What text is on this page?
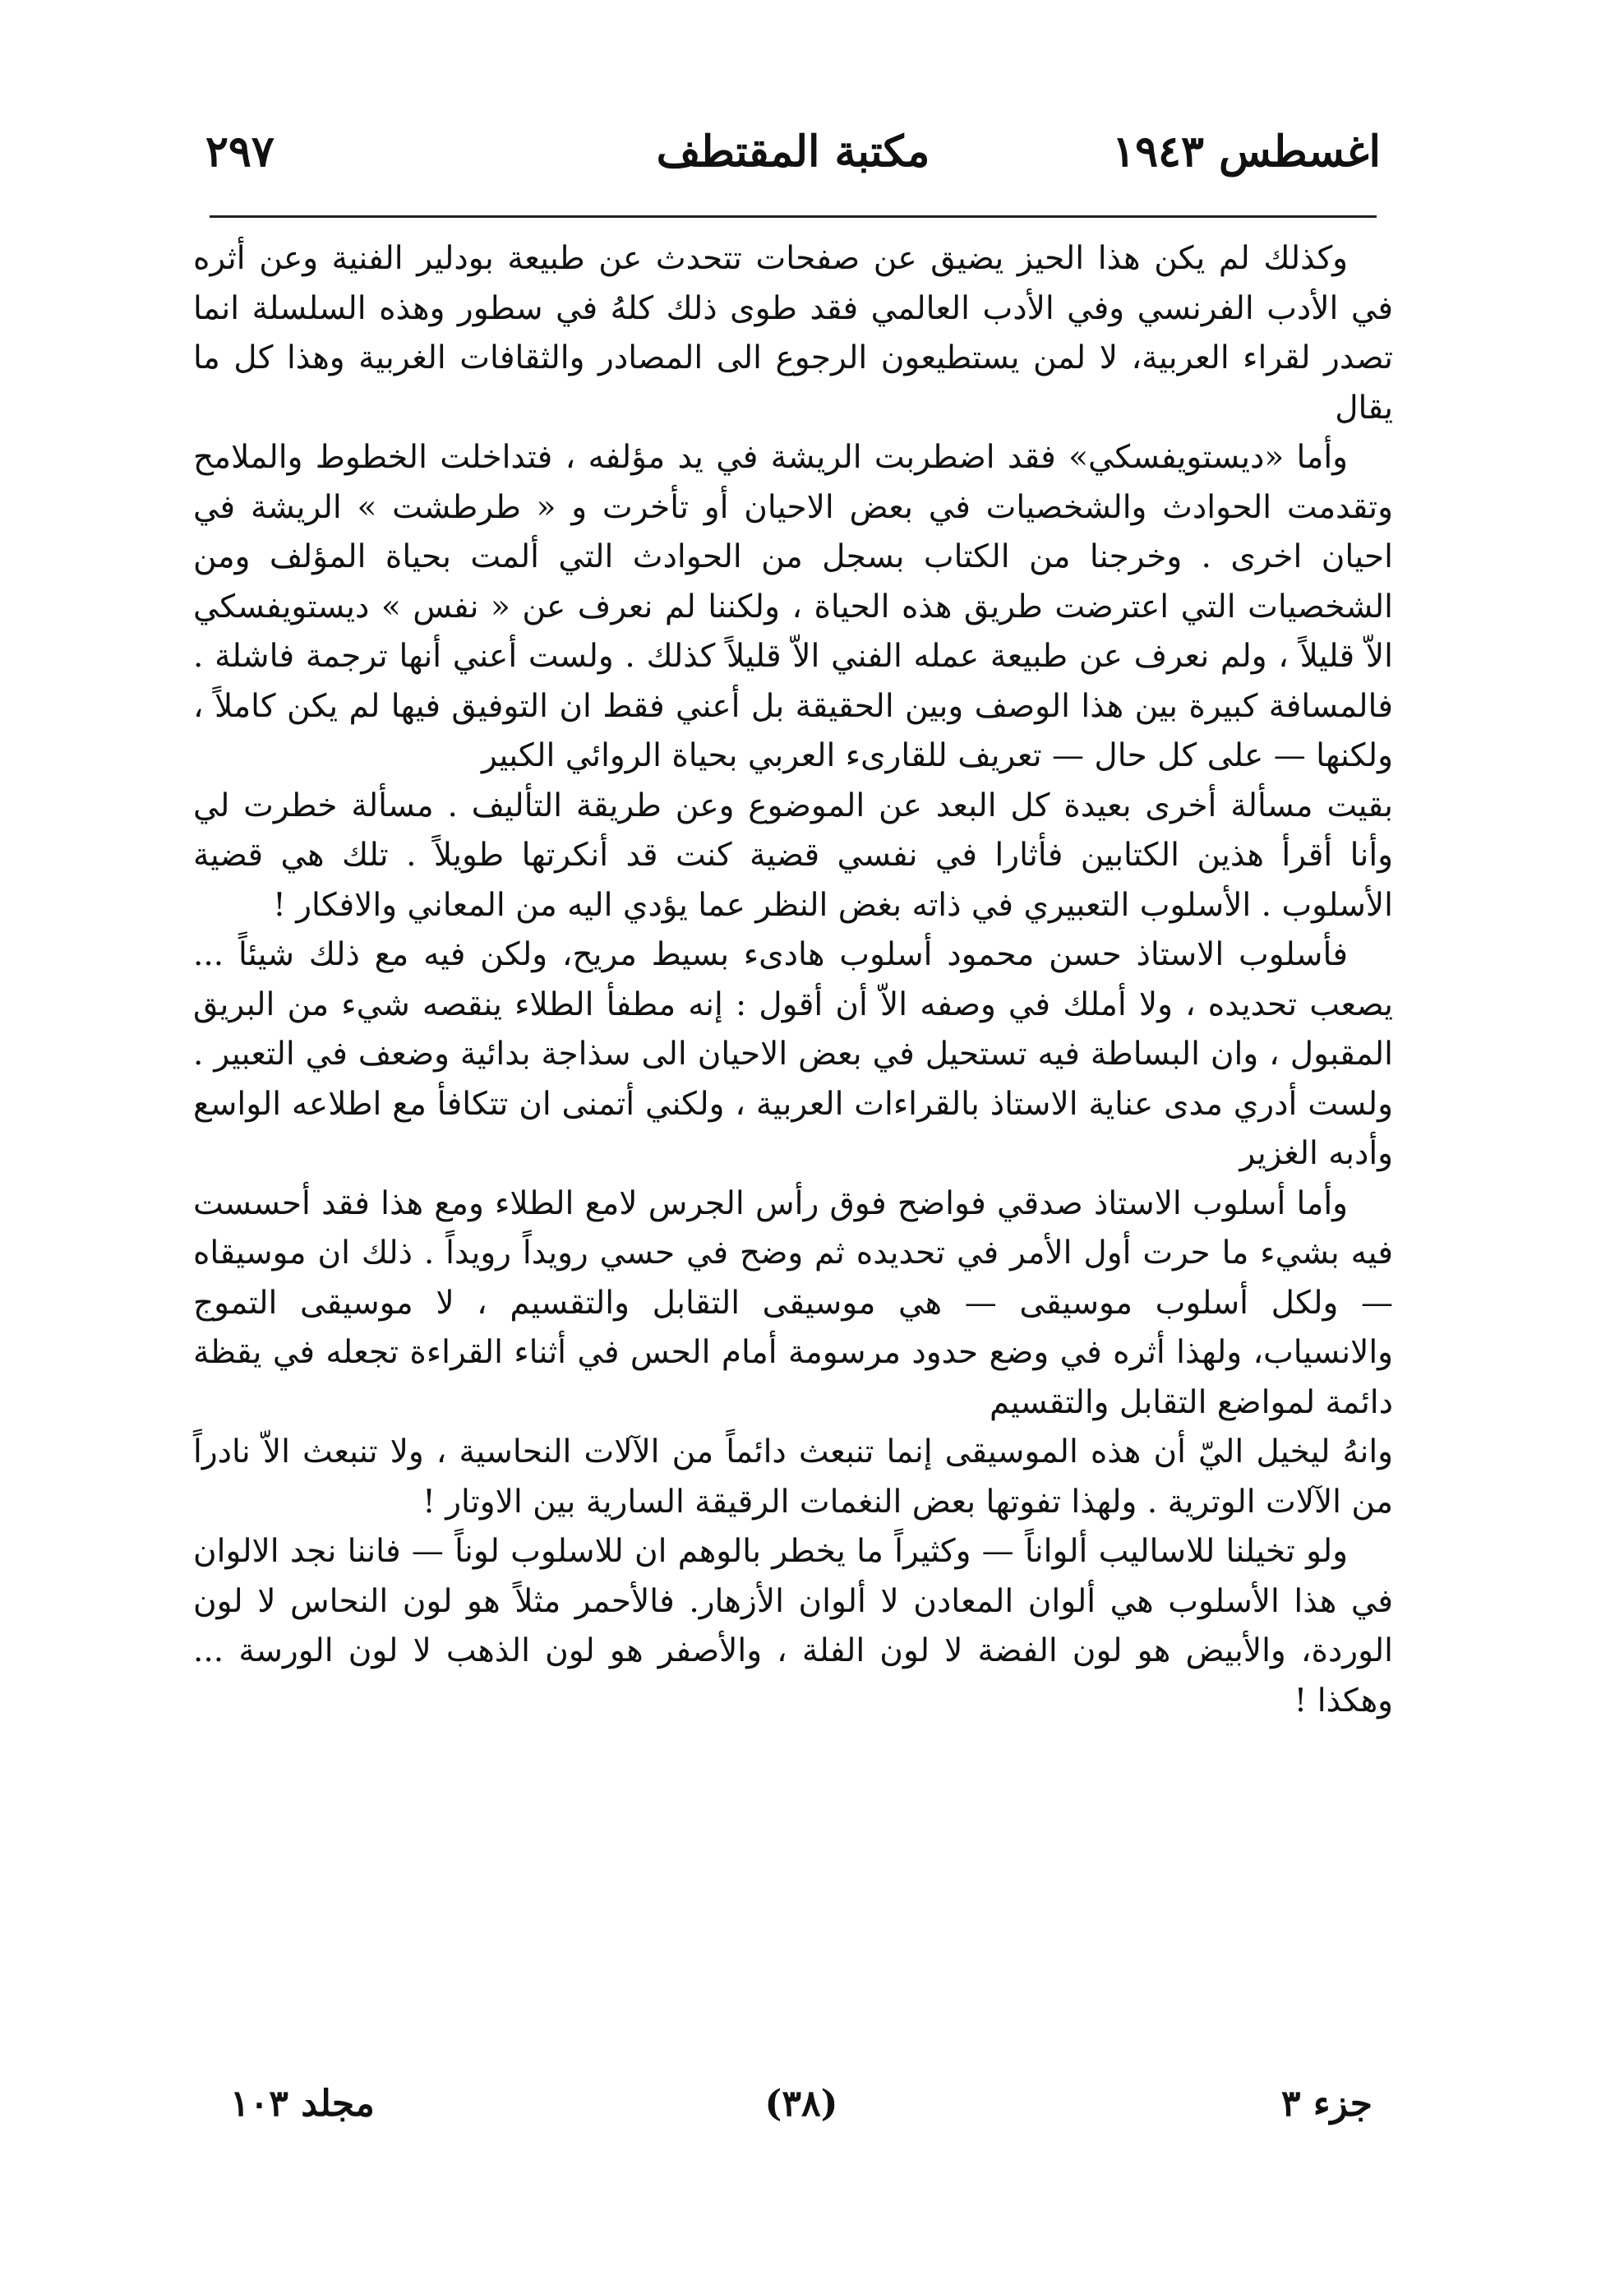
اغسطس ١٩٤٣
مكتبة المقتطف
٢٩٧

وكذلك لم يكن هذا الحيز يضيق عن صفحات تتحدث عن طبيعة بودلير الفنية وعن أثره في الأدب الفرنسي وفي الأدب العالمي فقد طوى ذلك كلهُ في سطور وهذه السلسلة انما تصدر لقراء العربية، لا لمن يستطيعون الرجوع الى المصادر والثقافات الغربية وهذا كل ما يقال

وأما «ديستويفسكي» فقد اضطربت الريشة في يد مؤلفه ، فتداخلت الخطوط والملامح وتقدمت الحوادث والشخصيات في بعض الاحيان أو تأخرت و « طرطشت » الريشة في احيان اخرى . وخرجنا من الكتاب بسجل من الحوادث التي ألمت بحياة المؤلف ومن الشخصيات التي اعترضت طريق هذه الحياة ، ولكننا لم نعرف عن « نفس » ديستويفسكي الاّ قليلاً ، ولم نعرف عن طبيعة عمله الفني الاّ قليلاً كذلك . ولست أعني أنها ترجمة فاشلة . فالمسافة كبيرة بين هذا الوصف وبين الحقيقة بل أعني فقط ان التوفيق فيها لم يكن كاملاً ، ولكنها — على كل حال — تعريف للقارىء العربي بحياة الروائي الكبير

بقيت مسألة أخرى بعيدة كل البعد عن الموضوع وعن طريقة التأليف . مسألة خطرت لي وأنا أقرأ هذين الكتابين فأثارا في نفسي قضية كنت قد أنكرتها طويلاً . تلك هي قضية الأسلوب . الأسلوب التعبيري في ذاته بغض النظر عما يؤدي اليه من المعاني والافكار !

فأسلوب الاستاذ حسن محمود أسلوب هادىء بسيط مريح، ولكن فيه مع ذلك شيئاً ... يصعب تحديده ، ولا أملك في وصفه الاّ أن أقول : إنه مطفأ الطلاء ينقصه شيء من البريق المقبول ، وان البساطة فيه تستحيل في بعض الاحيان الى سذاجة بدائية وضعف في التعبير . ولست أدري مدى عناية الاستاذ بالقراءات العربية ، ولكني أتمنى ان تتكافأ مع اطلاعه الواسع وأدبه الغزير

وأما أسلوب الاستاذ صدقي فواضح فوق رأس الجرس لامع الطلاء ومع هذا فقد أحسست فيه بشيء ما حرت أول الأمر في تحديده ثم وضح في حسي رويداً رويداً . ذلك ان موسيقاه — ولكل أسلوب موسيقى — هي موسيقى التقابل والتقسيم ، لا موسيقى التموج والانسياب، ولهذا أثره في وضع حدود مرسومة أمام الحس في أثناء القراءة تجعله في يقظة دائمة لمواضع التقابل والتقسيم

وانهُ ليخيل اليّ أن هذه الموسيقى إنما تنبعث دائماً من الآلات النحاسية ، ولا تنبعث الاّ نادراً من الآلات الوترية . ولهذا تفوتها بعض النغمات الرقيقة السارية بين الاوتار !

ولو تخيلنا للاساليب ألواناً — وكثيراً ما يخطر بالوهم ان للاسلوب لوناً — فاننا نجد الالوان في هذا الأسلوب هي ألوان المعادن لا ألوان الأزهار. فالأحمر مثلاً هو لون النحاس لا لون الوردة، والأبيض هو لون الفضة لا لون الفلة ، والأصفر هو لون الذهب لا لون الورسة ... وهكذا !

جزء ٣
(٣٨)
مجلد ١٠٣
